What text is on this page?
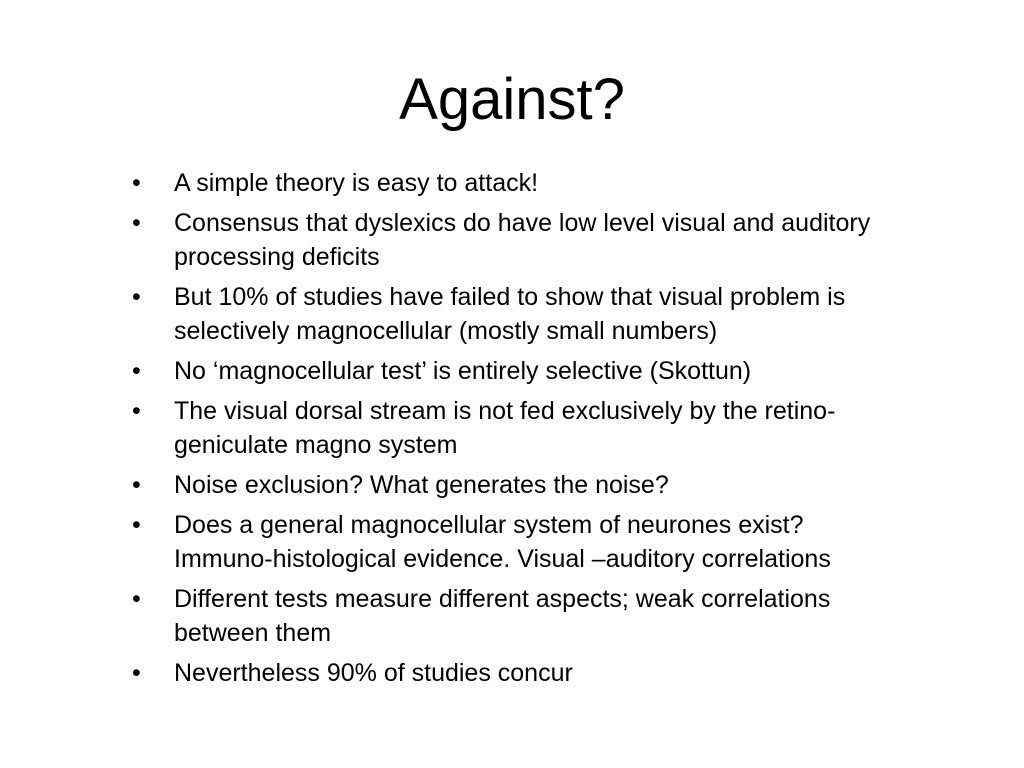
Against?
•	A simple theory is easy to attack!
•	Consensus that dyslexics do have low level visual and auditory processing deficits
•	But 10% of studies have failed to show that visual problem is selectively magnocellular (mostly small numbers)
•	No ‘magnocellular test’ is entirely selective (Skottun)
•	The visual dorsal stream is not fed exclusively by the retino-geniculate magno system
•	Noise exclusion? What generates the noise?
•	Does a general magnocellular system of neurones exist? Immuno-histological evidence. Visual –auditory correlations
•	Different tests measure different aspects; weak correlations between them
•	Nevertheless 90% of studies concur
